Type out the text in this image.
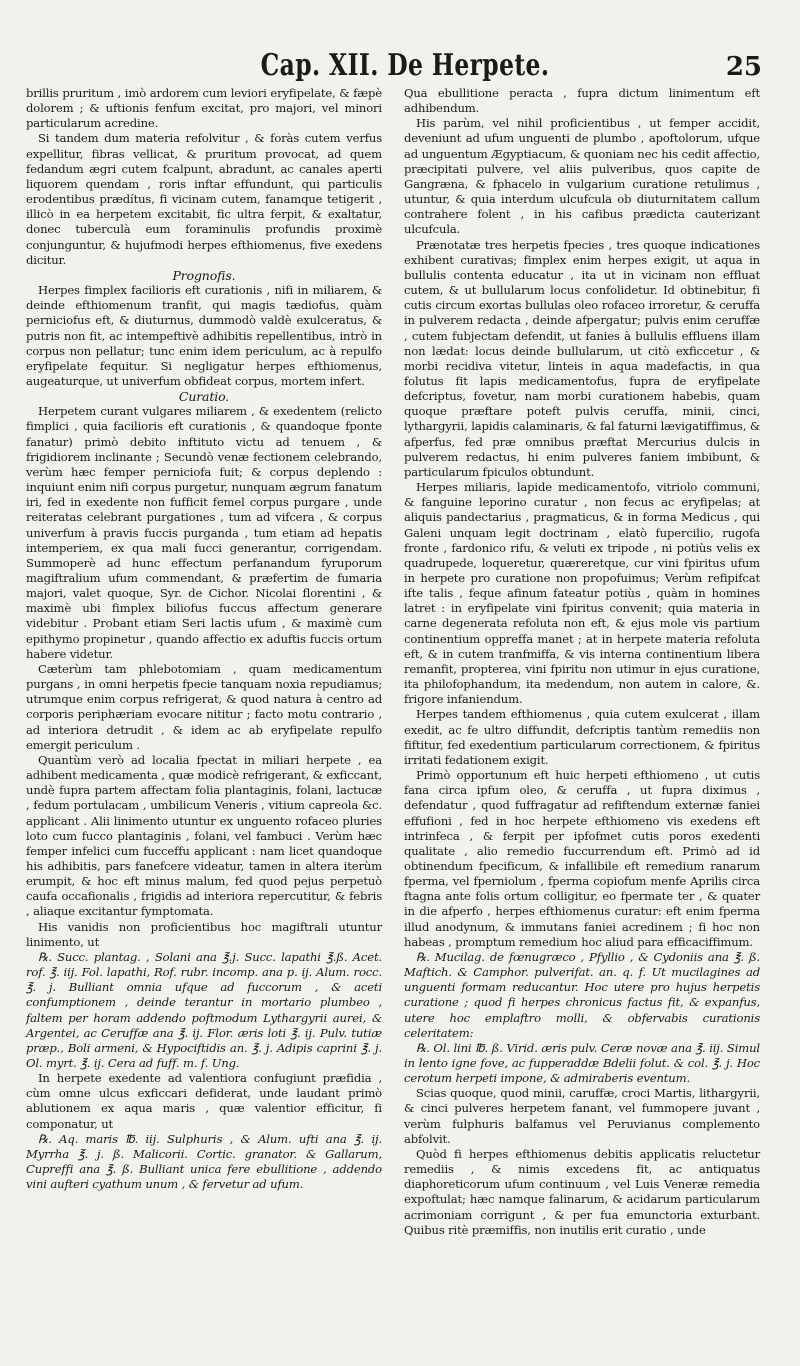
Cap. XII. De Herpete.	25

brillis pruritum , imò ardorem cum leviori eryfipelate, & fæpè dolorem ; & uftionis fenfum excitat, pro majori, vel minori particularum acredine.

Si tandem dum materia refolvitur , & foràs cutem verfus expellitur, fibras vellicat, & pruritum provocat, ad quem fedandum ægri cutem fcalpunt, abradunt, ac canales aperti liquorem quendam , roris inftar effundunt, qui particulis erodentibus prædítus, fi vicinam cutem, fanamque tetigerit , illicò in ea herpetem excitabit, fic ultra ferpit, & exaltatur, donec tuberculà eum foraminulis profundis proximè conjunguntur, & hujufmodi herpes efthiomenus, five exedens dicitur.

Prognofis.

Herpes fimplex facilioris eft curationis , nifi in miliarem, & deinde efthiomenum tranfit, qui magis tædiofus, quàm perniciofus eft, & diuturnus, dummodò valdè exulceratus, & putris non fit, ac intempeftivè adhibitis repellentibus, intrò in corpus non pellatur; tunc enim idem periculum, ac à repulfo eryfipelate fequitur. Si negligatur herpes efthiomenus, augeaturque, ut univerfum obfideat corpus, mortem infert.

Curatio.

Herpetem curant vulgares miliarem , & exedentem (relicto fimplici , quia facilioris eft curationis , & quandoque fponte fanatur) primò debito inftituto victu ad tenuem , & frigidiorem inclinante ; Secundò venæ fectionem celebrando, verùm hæc femper perniciofa fuit; & corpus deplendo : inquiunt enim nifi corpus purgetur, nunquam ægrum fanatum iri, fed in exedente non fufficit femel corpus purgare , unde reiteratas celebrant purgationes , tum ad vifcera , & corpus univerfum à pravis fuccis purganda , tum etiam ad hepatis intemperiem, ex qua mali fucci generantur, corrigendam. Summoperè ad hunc effectum perfanandum fyruporum magiftralium ufum commendant, & præfertim de fumaria majori, valet quoque, Syr. de Cichor. Nicolai florentini , & maximè ubi fimplex biliofus fuccus affectum generare videbitur . Probant etiam Seri lactis ufum , & maximè cum epithymo propinetur , quando affectio ex aduftis fuccis ortum habere videtur.

Cæterùm tam phlebotomiam , quam medicamentum purgans , in omni herpetis fpecie tanquam noxia repudiamus; utrumque enim corpus refrigerat, & quod natura à centro ad corporis periphæriam evocare nititur ; facto motu contrario , ad interiora detrudit , & idem ac ab eryfipelate repulfo emergit periculum .

Quantùm verò ad localia fpectat in miliari herpete , ea adhibent medicamenta , quæ modicè refrigerant, & exficcant, undè fupra partem affectam folia plantaginis, folani, lactucæ , fedum portulacam , umbilicum Veneris , vitium capreola &c. applicant . Alii linimento utuntur ex unguento rofaceo pluries loto cum fucco plantaginis , folani, vel fambuci . Verùm hæc femper infelici cum fucceffu applicant : nam licet quandoque his adhibitis, pars fanefcere videatur, tamen in altera iterùm erumpit, & hoc eft minus malum, fed quod pejus perpetuò caufa occafionalis , frigidis ad interiora repercutitur, & febris , aliaque excitantur fymptomata.

His vanidis non proficientibus hoc magiftrali utuntur linimento, ut

℞. Succ. plantag. , Solani ana ℥.j. Succ. lapathi ℥.ß. Acet. rof. ℥. iij. Fol. lapathi, Rof. rubr. incomp. ana p. ij. Alum. rocc. ℥. j. Bulliant omnia ufque ad fuccorum , & aceti confumptionem , deinde terantur in mortario plumbeo , faltem per horam addendo poftmodum Lythargyrii aurei, & Argentei, ac Ceruffæ ana ℥. ij. Flor. æris loti ℥. ij. Pulv. tutiæ præp., Boli armeni, & Hypociftidis an. ℥. j. Adipis caprini ℥. j. Ol. myrt. ℥. ij. Cera ad fuff. m. f. Ung.

In herpete exedente ad valentiora confugiunt præfidia , cùm omne ulcus exficcari defiderat, unde laudant primò ablutionem ex aqua maris , quæ valentior efficitur, fi componatur, ut

℞. Aq. maris ℔. iij. Sulphuris , & Alum. ufti ana ℥. ij. Myrrha ℥. j. ß. Malicorii. Cortic. granator. & Gallarum, Cupreffi ana ℥. ß. Bulliant unica fere ebullitione , addendo vini aufteri cyathum unum , & fervetur ad ufum.

Qua ebullitione peracta , fupra dictum linimentum eft adhibendum.

His parùm, vel nihil proficientibus , ut femper accidit, deveniunt ad ufum unguenti de plumbo , apoftolorum, ufque ad unguentum Ægyptiacum, & quoniam nec his cedit affectio, præcipitati pulvere, vel aliis pulveribus, quos capite de Gangræna, & fphacelo in vulgarium curatione retulimus , utuntur, & quia interdum ulcufcula ob diuturnitatem callum contrahere folent , in his cafibus prædicta cauterizant ulcufcula.

Prænotatæ tres herpetis fpecies , tres quoque indicationes exhibent curativas; fimplex enim herpes exigit, ut aqua in bullulis contenta educatur , ita ut in vicinam non effluat cutem, & ut bullularum locus confolidetur. Id obtinebitur, fi cutis circum exortas bullulas oleo rofaceo irroretur, & ceruffa in pulverem redacta , deinde afpergatur; pulvis enim ceruffæ , cutem fubjectam defendit, ut fanies à bullulis effluens illam non lædat: locus deinde bullularum, ut citò exficcetur , & morbi recidiva vitetur, linteis in aqua madefactis, in qua folutus fit lapis medicamentofus, fupra de eryfipelate defcriptus, fovetur, nam morbi curationem habebis, quam quoque præftare poteft pulvis ceruffa, minii, cinci, lythargyrii, lapidis calaminaris, & fal faturni lævigatiffimus, & afperfus, fed præ omnibus præftat Mercurius dulcis in pulverem redactus, hi enim pulveres faniem imbibunt, & particularum fpiculos obtundunt.

Herpes miliaris, lapide medicamentofo, vitriolo communi, & fanguine leporino curatur , non fecus ac eryfipelas; at aliquis pandectarius , pragmaticus, & in forma Medicus , qui Galeni unquam legit doctrinam , elatò fupercilio, rugofa fronte , fardonico rifu, & veluti ex tripode , ni potiùs velis ex quadrupede, loqueretur, quæreretque, cur vini fpiritus ufum in herpete pro curatione non propofuimus; Verùm refipifcat ifte talis , feque afinum fateatur potiùs , quàm in homines latret : in eryfipelate vini fpiritus convenit; quia materia in carne degenerata refoluta non eft, & ejus mole vis partium continentium oppreffa manet ; at in herpete materia refoluta eft, & in cutem tranfmiffa, & vis interna continentium libera remanfit, propterea, vini fpiritu non utimur in ejus curatione, ita philofophandum, ita medendum, non autem in calore, &. frigore infaniendum.

Herpes tandem efthiomenus , quia cutem exulcerat , illam exedit, ac fe ultro diffundit, defcriptis tantùm remediis non fiftitur, fed exedentium particularum correctionem, & fpiritus irritati fedationem exigit.

Primò opportunum eft huic herpeti efthiomeno , ut cutis fana circa ipfum oleo, & ceruffa , ut fupra diximus , defendatur , quod fuffragatur ad refiftendum externæ faniei effufioni , fed in hoc herpete efthiomeno vis exedens eft intrinfeca , & ferpit per ipfofmet cutis poros exedenti qualitate , alio remedio fuccurrendum eft. Primò ad id obtinendum fpecificum, & infallibile eft remedium ranarum fperma, vel fperniolum , fperma copiofum menfe Aprilis circa ftagna ante folis ortum colligitur, eo fpermate ter , & quater in die afperfo , herpes efthiomenus curatur: eft enim fperma illud anodynum, & immutans faniei acredinem ; fi hoc non habeas , promptum remedium hoc aliud para efficaciffimum.

℞. Mucilag. de fœnugræco , Pfyllio , & Cydoniis ana ℥. ß. Maftich. & Camphor. pulverifat. an. q. f. Ut mucilagines ad unguenti formam reducantur. Hoc utere pro hujus herpetis curatione ; quod fi herpes chronicus factus fit, & expanfus, utere hoc emplaftro molli, & obfervabis curationis celeritatem:

℞. Ol. lini ℔. ß. Virid. æris pulv. Ceræ novæ ana ℥. iij. Simul in lento igne fove, ac fupperaddæ Bdelii folut. & col. ℥. j. Hoc cerotum herpeti impone, & admiraberis eventum.

Scias quoque, quod minii, caruffæ, croci Martis, lithargyrii, & cinci pulveres herpetem fanant, vel fummopere juvant , verùm fulphuris balfamus vel Peruvianus complemento abfolvit.

Quòd fi herpes efthiomenus debitis applicatis reluctetur remediis , & nimis excedens fit, ac antiquatus diaphoreticorum ufum continuum , vel Luis Veneræ remedia expoftulat; hæc namque falinarum, & acidarum particularum acrimoniam corrigunt , & per fua emunctoria exturbant. Quibus ritè præmiffis, non inutilis erit curatio , unde
